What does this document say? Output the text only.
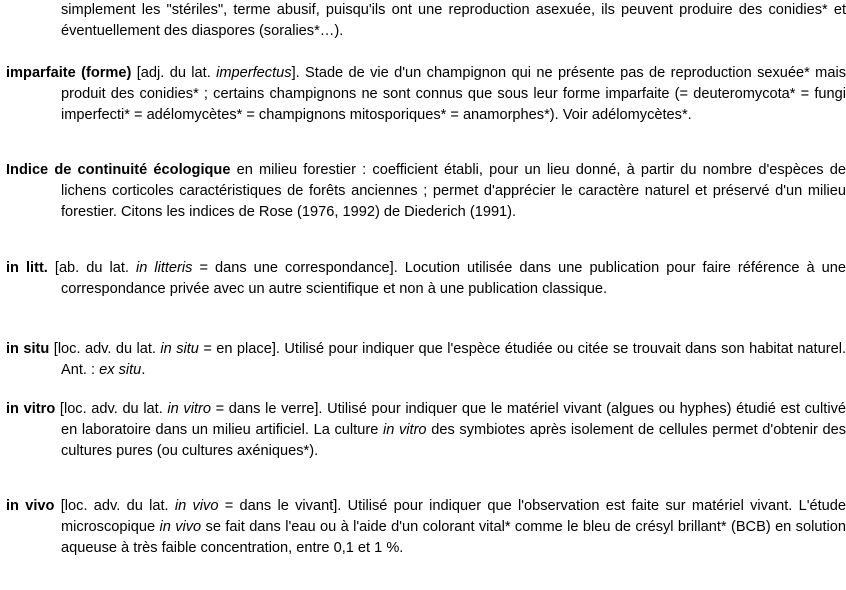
simplement les "stériles", terme abusif, puisqu'ils ont une reproduction asexuée, ils peuvent produire des conidies* et éventuellement des diaspores (soralies*…).

imparfaite (forme) [adj. du lat. imperfectus]. Stade de vie d'un champignon qui ne présente pas de reproduction sexuée* mais produit des conidies* ; certains champignons ne sont connus que sous leur forme imparfaite (= deuteromycota* = fungi imperfecti* = adélomycètes* = champignons mitosporiques* = anamorphes*). Voir adélomycètes*.

Indice de continuité écologique en milieu forestier : coefficient établi, pour un lieu donné, à partir du nombre d'espèces de lichens corticoles caractéristiques de forêts anciennes ; permet d'apprécier le caractère naturel et préservé d'un milieu forestier. Citons les indices de Rose (1976, 1992) de Diederich (1991).

in litt. [ab. du lat. in litteris = dans une correspondance]. Locution utilisée dans une publication pour faire référence à une correspondance privée avec un autre scientifique et non à une publication classique.

in situ [loc. adv. du lat. in situ = en place]. Utilisé pour indiquer que l'espèce étudiée ou citée se trouvait dans son habitat naturel. Ant. : ex situ.

in vitro [loc. adv. du lat. in vitro = dans le verre]. Utilisé pour indiquer que le matériel vivant (algues ou hyphes) étudié est cultivé en laboratoire dans un milieu artificiel. La culture in vitro des symbiotes après isolement de cellules permet d'obtenir des cultures pures (ou cultures axéniques*).

in vivo [loc. adv. du lat. in vivo = dans le vivant]. Utilisé pour indiquer que l'observation est faite sur matériel vivant. L'étude microscopique in vivo se fait dans l'eau ou à l'aide d'un colorant vital* comme le bleu de crésyl brillant* (BCB) en solution aqueuse à très faible concentration, entre 0,1 et 1 %.
